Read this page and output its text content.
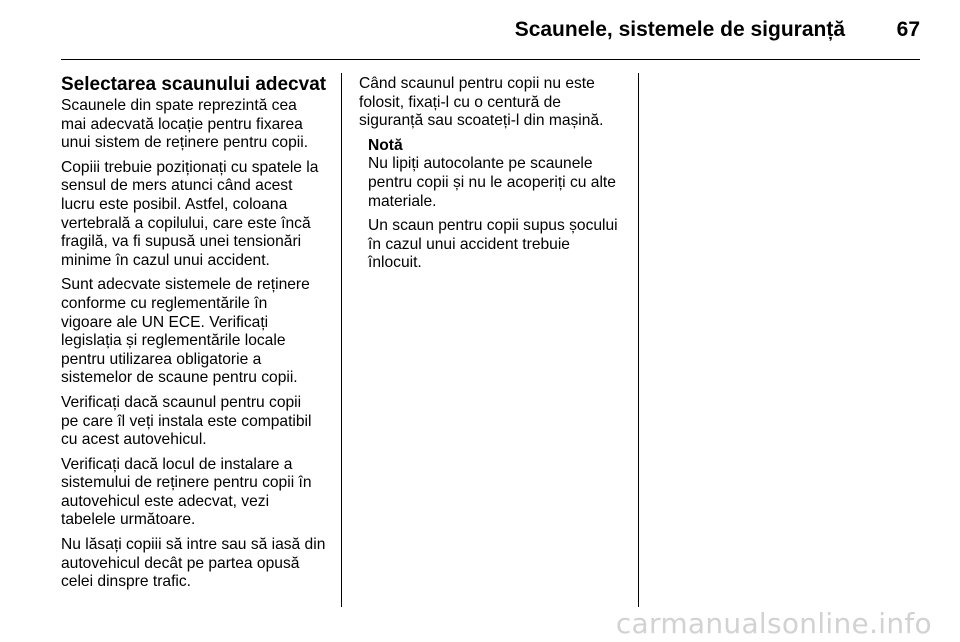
Scaunele, sistemele de siguranță 67
Selectarea scaunului adecvat
Scaunele din spate reprezintă cea
mai adecvată locație pentru fixarea
unui sistem de reținere pentru copii.
Copiii trebuie poziționați cu spatele la
sensul de mers atunci când acest
lucru este posibil. Astfel, coloana
vertebrală a copilului, care este încă
fragilă, va fi supusă unei tensionări
minime în cazul unui accident.
Sunt adecvate sistemele de reținere
conforme cu reglementările în
vigoare ale UN ECE. Verificați
legislația și reglementările locale
pentru utilizarea obligatorie a
sistemelor de scaune pentru copii.
Verificați dacă scaunul pentru copii
pe care îl veți instala este compatibil
cu acest autovehicul.
Verificați dacă locul de instalare a
sistemului de reținere pentru copii în
autovehicul este adecvat, vezi
tabelele următoare.
Nu lăsați copiii să intre sau să iasă din
autovehicul decât pe partea opusă
celei dinspre trafic.
Când scaunul pentru copii nu este
folosit, fixați-l cu o centură de
siguranță sau scoateți-l din mașină.
Notă
Nu lipiți autocolante pe scaunele
pentru copii și nu le acoperiți cu alte
materiale.
Un scaun pentru copii supus șocului
în cazul unui accident trebuie
înlocuit.
carmanualsonline.info
